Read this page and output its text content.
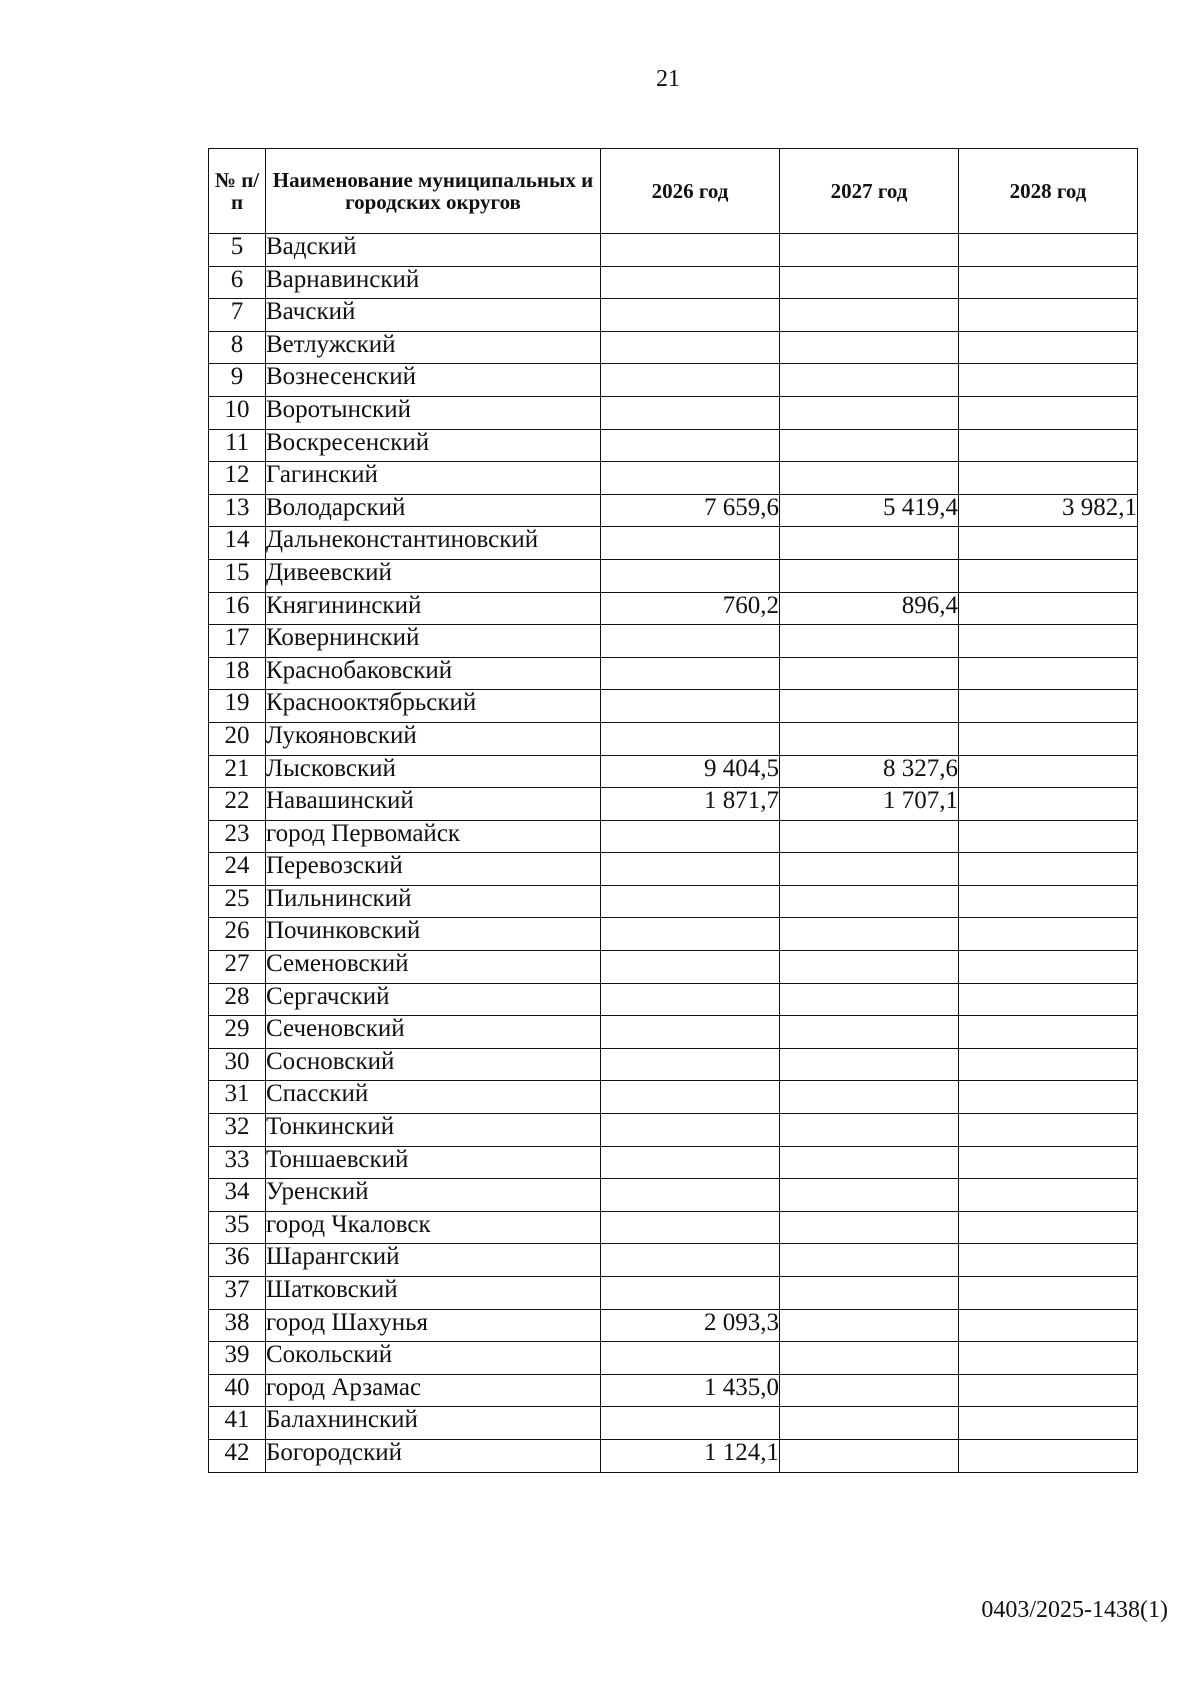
21
№ п/п	Наименование муниципальных и городских округов	2026 год	2027 год	2028 год
5	Вадский			
6	Варнавинский			
7	Вачский			
8	Ветлужский			
9	Вознесенский			
10	Воротынский			
11	Воскресенский			
12	Гагинский			
13	Володарский	7 659,6	5 419,4	3 982,1
14	Дальнеконстантиновский			
15	Дивеевский			
16	Княгининский	760,2	896,4	
17	Ковернинский			
18	Краснобаковский			
19	Краснооктябрьский			
20	Лукояновский			
21	Лысковский	9 404,5	8 327,6	
22	Навашинский	1 871,7	1 707,1	
23	город Первомайск			
24	Перевозский			
25	Пильнинский			
26	Починковский			
27	Семеновский			
28	Сергачский			
29	Сеченовский			
30	Сосновский			
31	Спасский			
32	Тонкинский			
33	Тоншаевский			
34	Уренский			
35	город Чкаловск			
36	Шарангский			
37	Шатковский			
38	город Шахунья	2 093,3		
39	Сокольский			
40	город Арзамас	1 435,0		
41	Балахнинский			
42	Богородский	1 124,1		
0403/2025-1438(1)
